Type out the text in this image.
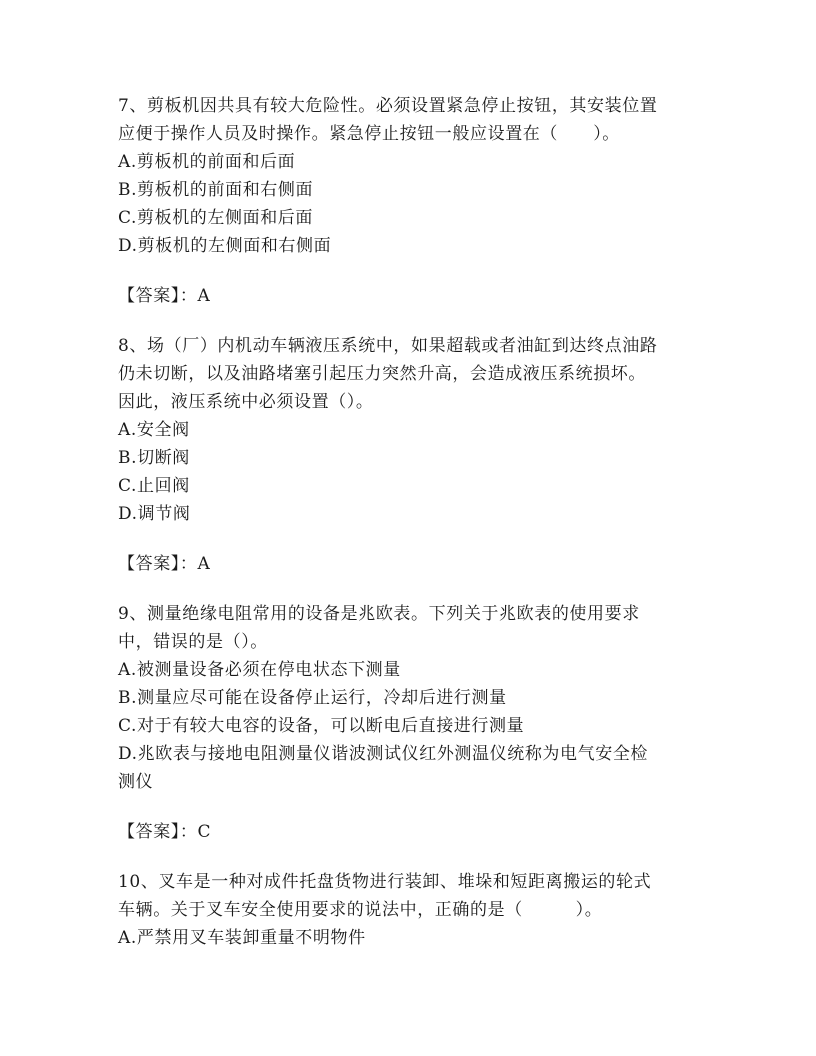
7、剪板机因共具有较大危险性。必须设置紧急停止按钮，其安装位置
应便于操作人员及时操作。紧急停止按钮一般应设置在（　　）。
A.剪板机的前面和后面
B.剪板机的前面和右侧面
C.剪板机的左侧面和后面
D.剪板机的左侧面和右侧面
【答案】：A
8、场（厂）内机动车辆液压系统中，如果超载或者油缸到达终点油路
仍未切断，以及油路堵塞引起压力突然升高，会造成液压系统损坏。
因此，液压系统中必须设置（）。
A.安全阀
B.切断阀
C.止回阀
D.调节阀
【答案】：A
9、测量绝缘电阻常用的设备是兆欧表。下列关于兆欧表的使用要求
中，错误的是（）。
A.被测量设备必须在停电状态下测量
B.测量应尽可能在设备停止运行，冷却后进行测量
C.对于有较大电容的设备，可以断电后直接进行测量
D.兆欧表与接地电阻测量仪谐波测试仪红外测温仪统称为电气安全检
测仪
【答案】：C
10、叉车是一种对成件托盘货物进行装卸、堆垛和短距离搬运的轮式
车辆。关于叉车安全使用要求的说法中，正确的是（　　　）。
A.严禁用叉车装卸重量不明物件
